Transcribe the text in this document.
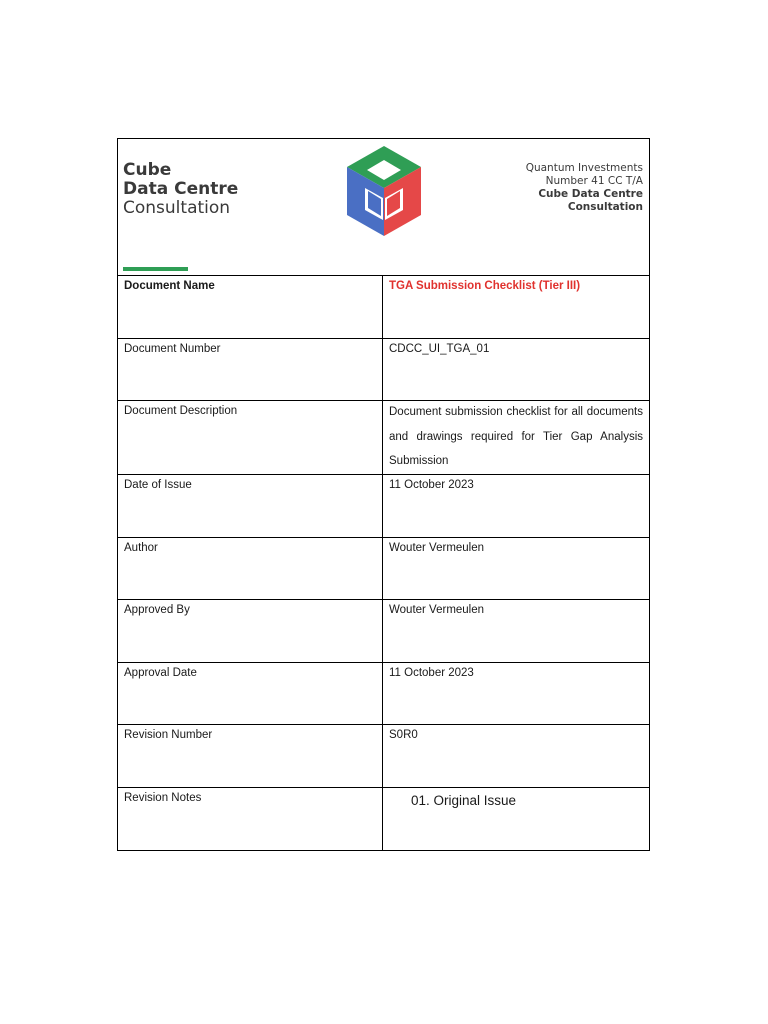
Cube
Data Centre
Consultation
Quantum Investments
Number 41 CC T/A
Cube Data Centre
Consultation
Document Name	TGA Submission Checklist (Tier III)
Document Number	CDCC_UI_TGA_01
Document Description	Document submission checklist for all documents and drawings required for Tier Gap Analysis Submission
Date of Issue	11 October 2023
Author	Wouter Vermeulen
Approved By	Wouter Vermeulen
Approval Date	11 October 2023
Revision Number	S0R0
Revision Notes	01. Original Issue
